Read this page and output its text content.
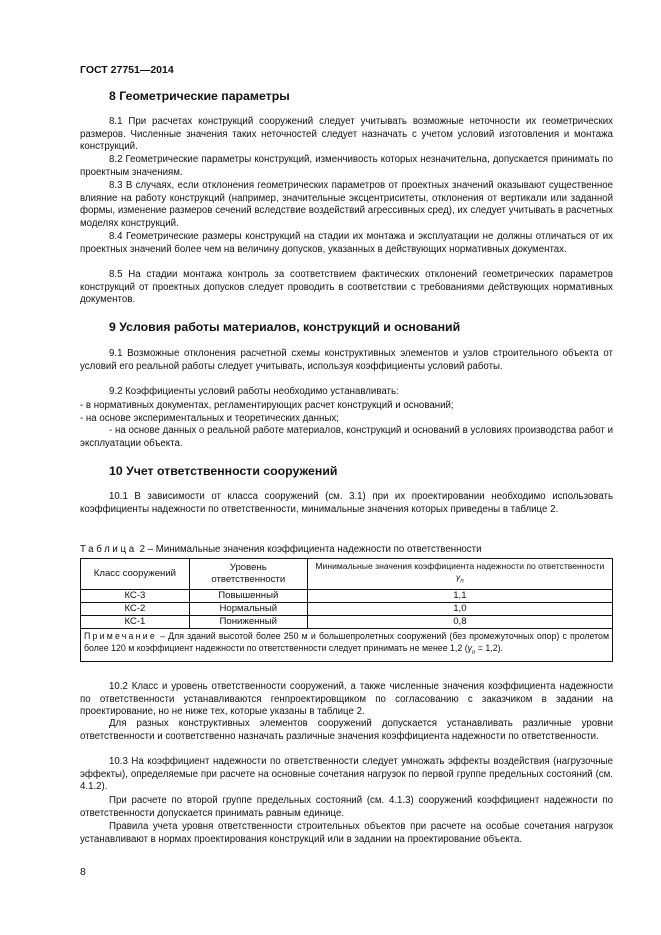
ГОСТ 27751—2014
8 Геометрические параметры

8.1 При расчетах конструкций сооружений следует учитывать возможные неточности их геометрических размеров. Численные значения таких неточностей следует назначать с учетом условий изготовления и монтажа конструкций.

8.2 Геометрические параметры конструкций, изменчивость которых незначительна, допускается принимать по проектным значениям.

8.3 В случаях, если отклонения геометрических параметров от проектных значений оказывают существенное влияние на работу конструкций (например, значительные эксцентриситеты, отклонения от вертикали или заданной формы, изменение размеров сечений вследствие воздействий агрессивных сред), их следует учитывать в расчетных моделях конструкций.

8.4 Геометрические размеры конструкций на стадии их монтажа и эксплуатации не должны отличаться от их проектных значений более чем на величину допусков, указанных в действующих нормативных документах.

8.5 На стадии монтажа контроль за соответствием фактических отклонений геометрических параметров конструкций от проектных допусков следует проводить в соответствии с требованиями действующих нормативных документов.

9 Условия работы материалов, конструкций и оснований

9.1 Возможные отклонения расчетной схемы конструктивных элементов и узлов строительного объекта от условий его реальной работы следует учитывать, используя коэффициенты условий работы.

9.2 Коэффициенты условий работы необходимо устанавливать:

- в нормативных документах, регламентирующих расчет конструкций и оснований;

- на основе экспериментальных и теоретических данных;

- на основе данных о реальной работе материалов, конструкций и оснований в условиях производства работ и эксплуатации объекта.

10 Учет ответственности сооружений

10.1 В зависимости от класса сооружений (см. 3.1) при их проектировании необходимо использовать коэффициенты надежности по ответственности, минимальные значения которых приведены в таблице 2.

Таблица 2 – Минимальные значения коэффициента надежности по ответственности
Класс сооружений	Уровень ответственности	Минимальные значения коэффициента надежности по ответственности $\gamma_n$
КС-3	Повышенный	1,1
КС-2	Нормальный	1,0
КС-1	Пониженный	0,8
Примечание – Для зданий высотой более 250 м и большепролетных сооружений (без промежуточных опор) с пролетом более 120 м коэффициент надежности по ответственности следует принимать не менее 1,2 $(\gamma_n = 1,2)$.		

10.2 Класс и уровень ответственности сооружений, а также численные значения коэффициента надежности по ответственности устанавливаются генпроектировщиком по согласованию с заказчиком в задании на проектирование, но не ниже тех, которые указаны в таблице 2.

Для разных конструктивных элементов сооружений допускается устанавливать различные уровни ответственности и соответственно назначать различные значения коэффициента надежности по ответственности.

10.3 На коэффициент надежности по ответственности следует умножать эффекты воздействия (нагрузочные эффекты), определяемые при расчете на основные сочетания нагрузок по первой группе предельных состояний (см. 4.1.2).

При расчете по второй группе предельных состояний (см. 4.1.3) сооружений коэффициент надежности по ответственности допускается принимать равным единице.

Правила учета уровня ответственности строительных объектов при расчете на особые сочетания нагрузок устанавливают в нормах проектирования конструкций или в задании на проектирование объекта.

8
